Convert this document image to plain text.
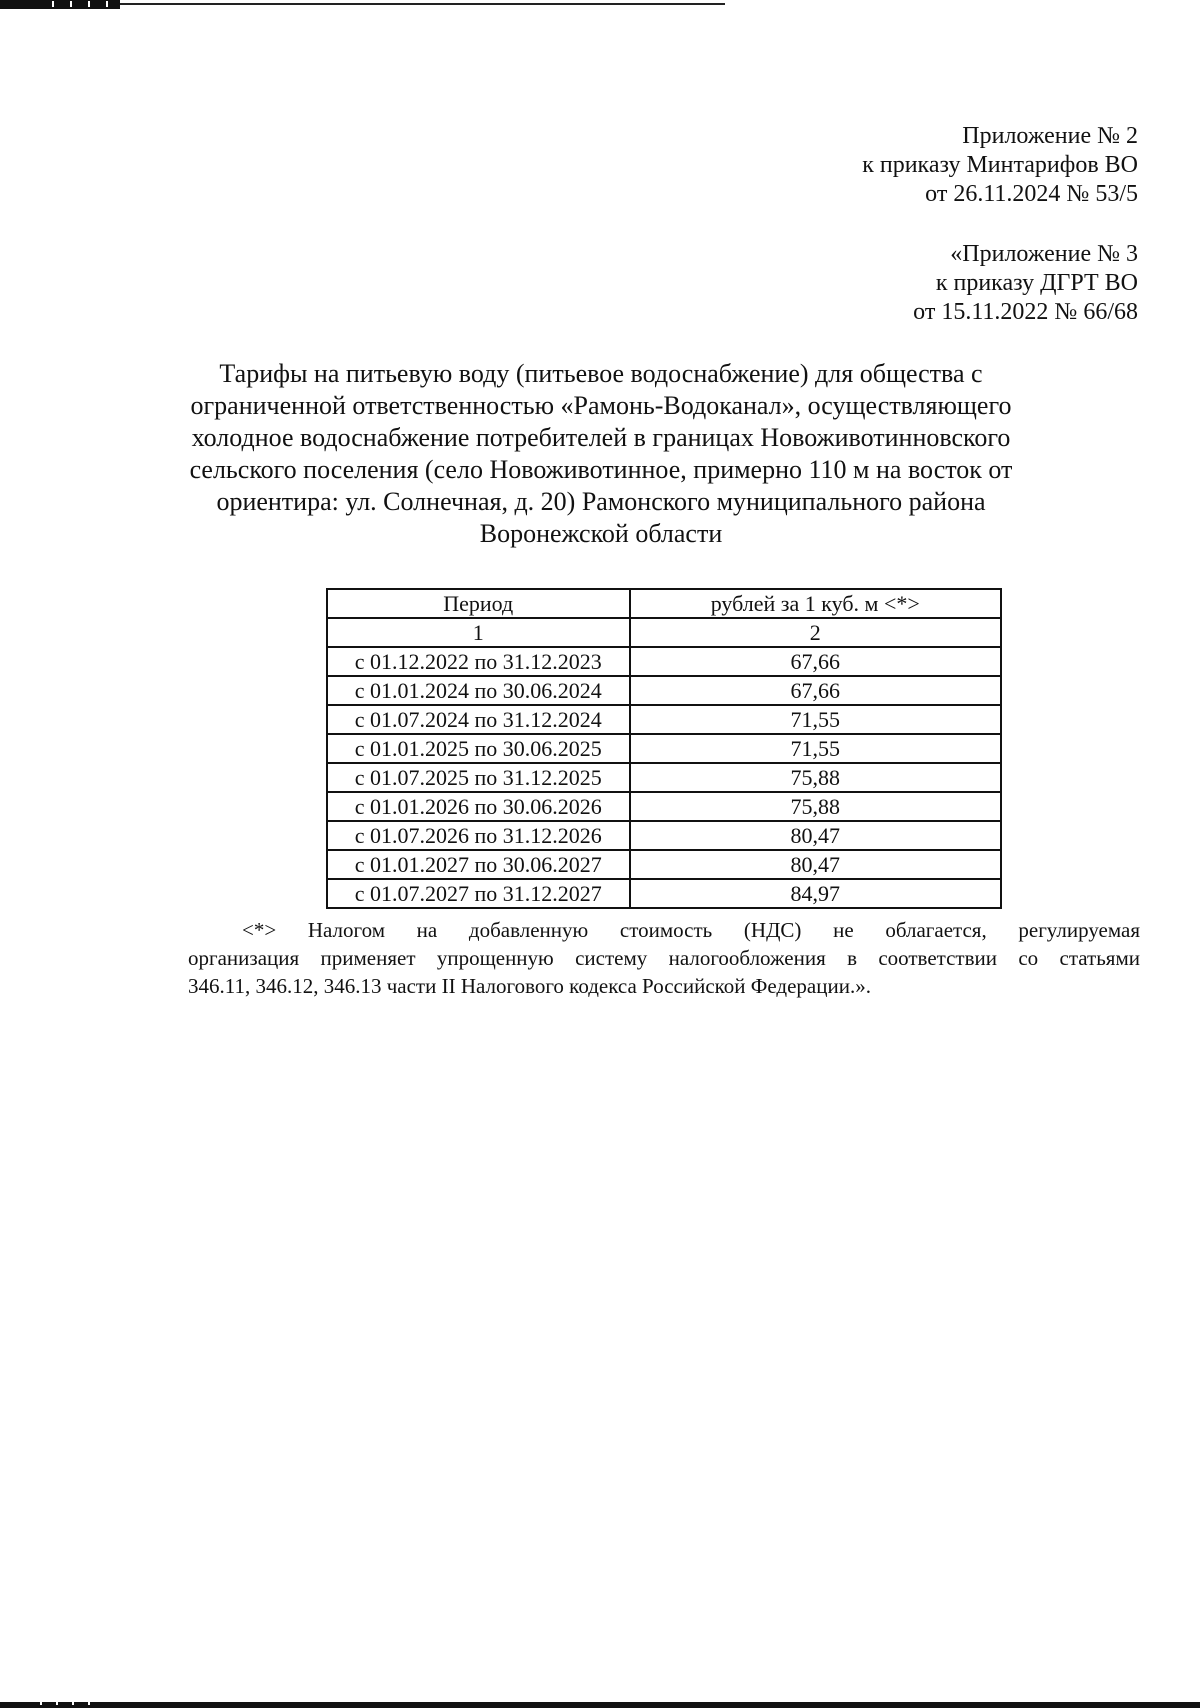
Приложение № 2
к приказу Минтарифов ВО
от 26.11.2024 № 53/5
«Приложение № 3
к приказу ДГРТ ВО
от 15.11.2022 № 66/68
Тарифы на питьевую воду (питьевое водоснабжение) для общества с
ограниченной ответственностью «Рамонь-Водоканал», осуществляющего
холодное водоснабжение потребителей в границах Новоживотинновского
сельского поселения (село Новоживотинное, примерно 110 м на восток от
ориентира: ул. Солнечная, д. 20) Рамонского муниципального района
Воронежской области
Период	рублей за 1 куб. м <*>
1	2
с 01.12.2022 по 31.12.2023	67,66
с 01.01.2024 по 30.06.2024	67,66
с 01.07.2024 по 31.12.2024	71,55
с 01.01.2025 по 30.06.2025	71,55
с 01.07.2025 по 31.12.2025	75,88
с 01.01.2026 по 30.06.2026	75,88
с 01.07.2026 по 31.12.2026	80,47
с 01.01.2027 по 30.06.2027	80,47
с 01.07.2027 по 31.12.2027	84,97
<*> Налогом на добавленную стоимость (НДС) не облагается, регулируемая
организация применяет упрощенную систему налогообложения в соответствии со статьями
346.11, 346.12, 346.13 части II Налогового кодекса Российской Федерации.».
